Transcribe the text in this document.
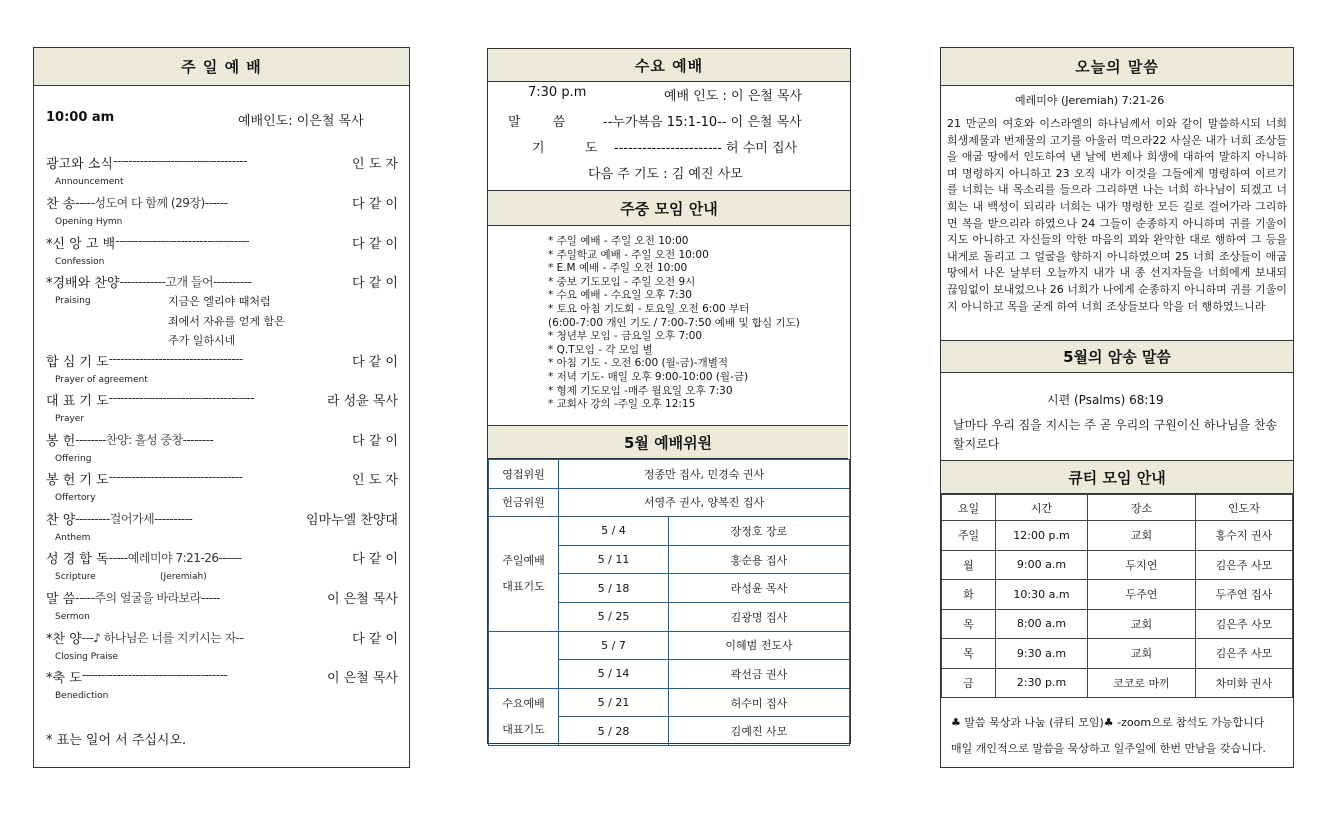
주 일 예 배
10:00 am	예배인도: 이은철 목사
광고와 소식 -----------------------------------	인 도 자
Announcement
찬 송 -----성도여 다 함께 (29장)------	다 같 이
Opening Hymn
*신 앙 고 백 -----------------------------------	다 같 이
Confession
*경배와 찬양 ------------고개 들어----------	다 같 이
Praising
합 심 기 도 -----------------------------------	다 같 이
Prayer of agreement
대 표 기 도 --------------------------------------	라 성윤 목사
Prayer
봉 헌 --------찬양: 홀성 중창--------	다 같 이
Offering
봉 헌 기 도 -----------------------------------	인 도 자
Offertory
찬 양 ---------걸어가세----------	임마누엘 찬양대
Anthem
성 경 합 독 -----예레미야 7:21-26------	다 같 이
Scripture
말 씀 -----주의 얼굴을 바라보라-----	이 은철 목사
Sermon
*찬 양 ---♪ 하나님은 너를 지키시는 자--	다 같 이
Closing Praise
*축 도 --------------------------------------	이 은철 목사
Benediction
지금은 엘리야 때처럼
죄에서 자유를 얻게 함은
주가 일하시네
(Jeremiah)
* 표는 일어 서 주십시오.
수요 예배
7:30 p.m	예배 인도 : 이 은철 목사
말 씀	--누가복음 15:1-10-- 이 은철 목사
기 도 ----------------------- 허 수미 집사
다음 주 기도 : 김 예진 사모
주중 모임 안내
* 주일 예배 - 주일 오전 10:00
* 주일학교 예배 - 주일 오전 10:00
* E.M 예배 - 주일 오전 10:00
* 중보 기도모임 - 주일 오전 9시
* 수요 예배 - 수요일 오후 7:30
* 토요 아침 기도회 - 토요일 오전 6:00 부터
(6:00-7:00 개인 기도 / 7:00-7:50 예배 및 합심 기도)
* 청년부 모임 - 금요일 오후 7:00
* Q.T모임 - 각 모임 별
* 아침 기도 - 오전 6:00 (월-금)-개별적
* 저녁 기도- 매일 오후 9:00-10:00 (월-금)
* 형제 기도모임 -매주 월요일 오후 7:30
* 교회사 강의 -주일 오후 12:15
5월 예배위원
영접위원	정종만 집사, 민경숙 권사	
헌금위원	서영주 권사, 양복진 집사	
주일예배
대표기도	5 / 4	장정호 장로
	5 / 11	홍순용 집사
	5 / 18	라성윤 목사
	5 / 25	김광명 집사
	5 / 7	이혜범 전도사
	5 / 14	곽선금 권사
수요예배
대표기도	5 / 21	허수미 집사
	5 / 28	김예진 사모
오늘의 말씀
예레미야 (Jeremiah) 7:21-26
21 만군의 여호와 이스라엘의 하나님께서 이와 같이 말씀하시되 너희 희생제물과 번제물의 고기를 아울러 먹으라22 사실은 내가 너희 조상들을 애굽 땅에서 인도하여 낸 날에 번제나 희생에 대하여 말하지 아니하며 명령하지 아니하고 23 오직 내가 이것을 그들에게 명령하여 이르기를 너희는 내 목소리를 들으라 그리하면 나는 너희 하나님이 되겠고 너희는 내 백성이 되리라 너희는 내가 명령한 모든 길로 걸어가라 그리하면 복을 받으리라 하였으나 24 그들이 순종하지 아니하며 귀를 기울이지도 아니하고 자신들의 악한 마음의 꾀와 완악한 대로 행하여 그 등을 내게로 돌리고 그 얼굴을 향하지 아니하였으며 25 너희 조상들이 애굽 땅에서 나온 날부터 오늘까지 내가 내 종 선지자들을 너희에게 보내되 끊임없이 보내었으나 26 너희가 나에게 순종하지 아니하며 귀를 기울이지 아니하고 목을 굳게 하여 너희 조상들보다 악을 더 행하였느니라
5월의 암송 말씀
시편 (Psalms) 68:19
날마다 우리 짐을 지시는 주 곧 우리의 구원이신 하나님을 찬송할지로다
큐티 모임 안내
요일	시간	장소	인도자
주일	12:00 p.m	교회	홍수지 권사
월	9:00 a.m	두지연	김은주 사모
화	10:30 a.m	두주연	두주연 집사
목	8:00 a.m	교회	김은주 사모
목	9:30 a.m	교회	김은주 사모
금	2:30 p.m	코코로 마끼	차미화 권사
♣ 말씀 묵상과 나눔 (큐티 모임)♣ -zoom으로 참석도 가능합니다
매일 개인적으로 말씀을 묵상하고 일주일에 한번 만남을 갖습니다.
